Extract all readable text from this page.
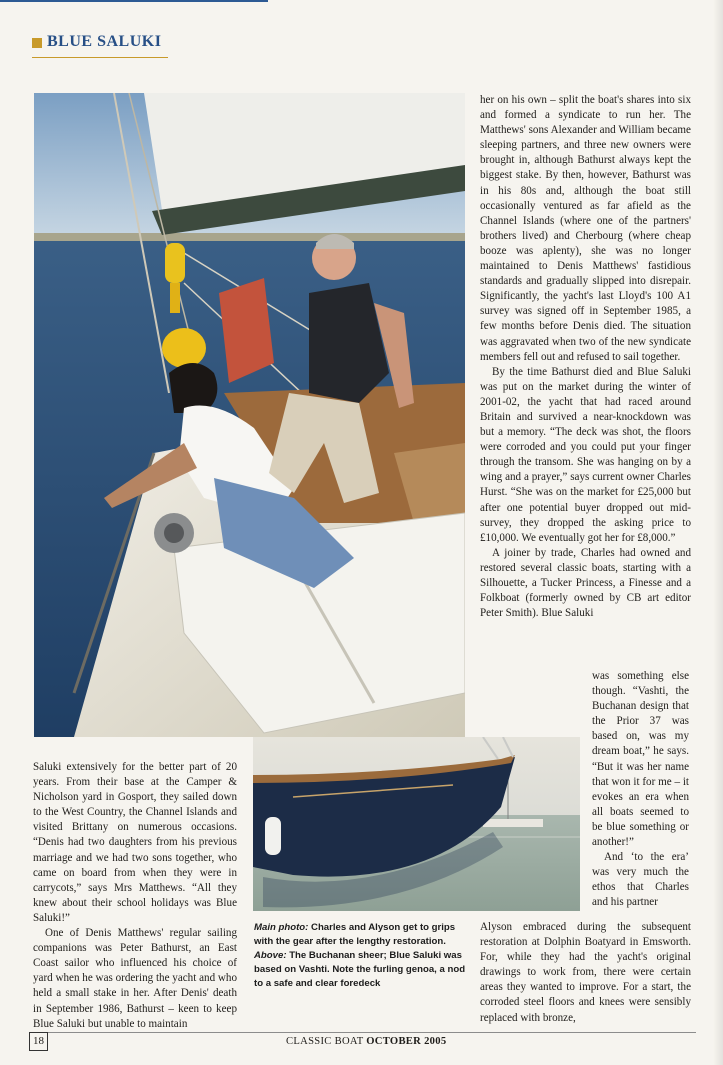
BLUE SALUKI

her on his own – split the boat's shares into six and formed a syndicate to run her. The Matthews' sons Alexander and William became sleeping partners, and three new owners were brought in, although Bathurst always kept the biggest stake. By then, however, Bathurst was in his 80s and, although the boat still occasionally ventured as far afield as the Channel Islands (where one of the partners' brothers lived) and Cherbourg (where cheap booze was aplenty), she was no longer maintained to Denis Matthews' fastidious standards and gradually slipped into disrepair. Significantly, the yacht's last Lloyd's 100 A1 survey was signed off in September 1985, a few months before Denis died. The situation was aggravated when two of the new syndicate members fell out and refused to sail together.

By the time Bathurst died and Blue Saluki was put on the market during the winter of 2001-02, the yacht that had raced around Britain and survived a near-knockdown was but a memory. “The deck was shot, the floors were corroded and you could put your finger through the transom. She was hanging on by a wing and a prayer,” says current owner Charles Hurst. “She was on the market for £25,000 but after one potential buyer dropped out mid-survey, they dropped the asking price to £10,000. We eventually got her for £8,000.”

A joiner by trade, Charles had owned and restored several classic boats, starting with a Silhouette, a Tucker Princess, a Finesse and a Folkboat (formerly owned by CB art editor Peter Smith). Blue Saluki

was something else though. “Vashti, the Buchanan design that the Prior 37 was based on, was my dream boat,” he says. “But it was her name that won it for me – it evokes an era when all boats seemed to be blue something or another!”

And ‘to the era’ was very much the ethos that Charles and his partner

Alyson embraced during the subsequent restoration at Dolphin Boatyard in Emsworth. For, while they had the yacht's original drawings to work from, there were certain areas they wanted to improve. For a start, the corroded steel floors and knees were sensibly replaced with bronze,

Saluki extensively for the better part of 20 years. From their base at the Camper & Nicholson yard in Gosport, they sailed down to the West Country, the Channel Islands and visited Brittany on numerous occasions. “Denis had two daughters from his previous marriage and we had two sons together, who came on board from when they were in carrycots,” says Mrs Matthews. “All they knew about their school holidays was Blue Saluki!”

One of Denis Matthews' regular sailing companions was Peter Bathurst, an East Coast sailor who influenced his choice of yard when he was ordering the yacht and who held a small stake in her. After Denis' death in September 1986, Bathurst – keen to keep Blue Saluki but unable to maintain

Main photo: Charles and Alyson get to grips with the gear after the lengthy restoration. Above: The Buchanan sheer; Blue Saluki was based on Vashti. Note the furling genoa, a nod to a safe and clear foredeck
18	CLASSIC BOAT OCTOBER 2005
